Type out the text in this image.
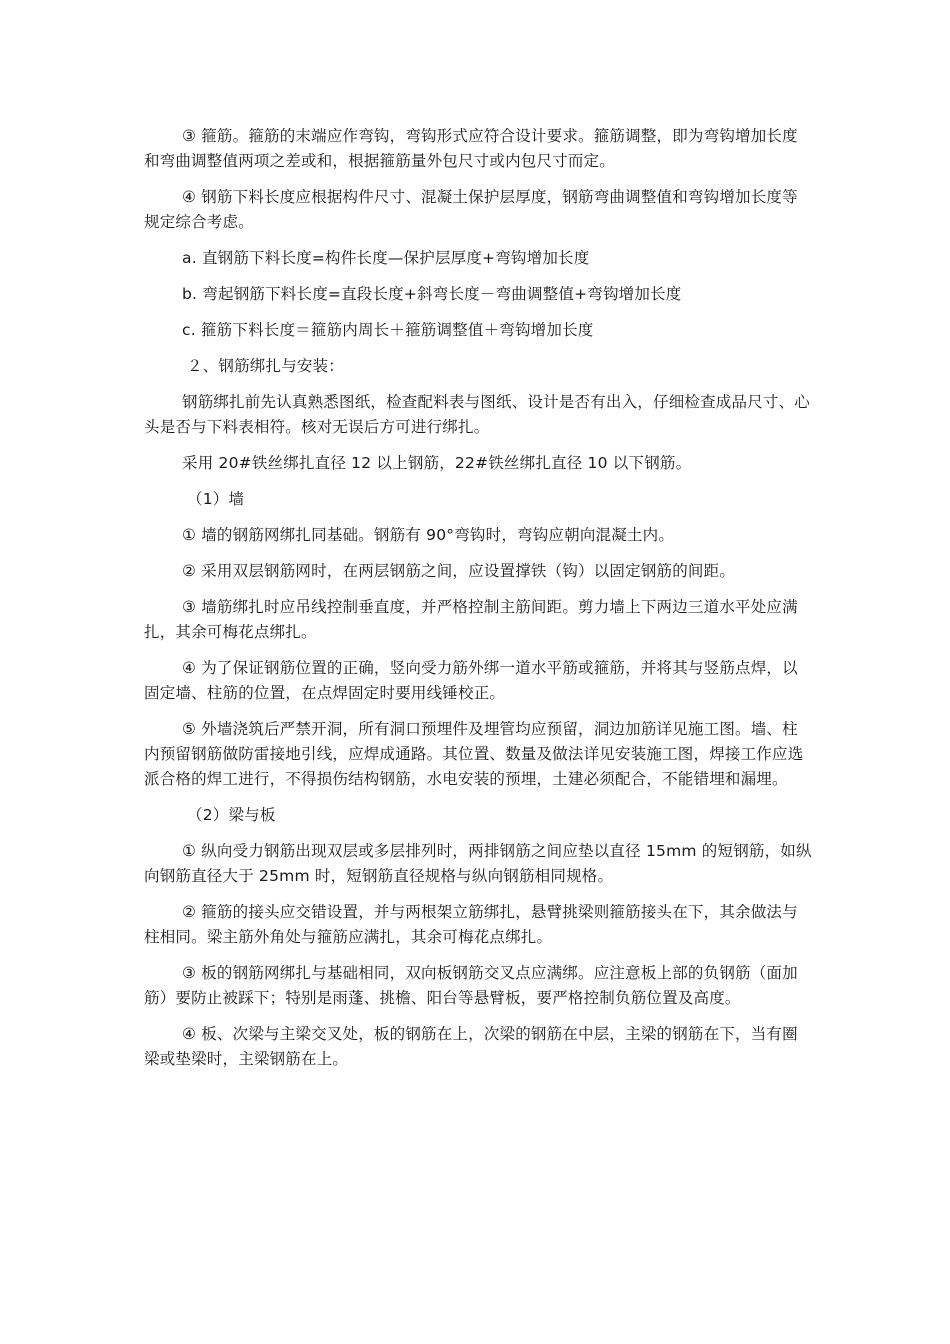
③ 箍筋。箍筋的末端应作弯钩，弯钩形式应符合设计要求。箍筋调整，即为弯钩增加长度和弯曲调整值两项之差或和，根据箍筋量外包尺寸或内包尺寸而定。

④ 钢筋下料长度应根据构件尺寸、混凝土保护层厚度，钢筋弯曲调整值和弯钩增加长度等规定综合考虑。

a. 直钢筋下料长度=构件长度—保护层厚度+弯钩增加长度

b. 弯起钢筋下料长度=直段长度+斜弯长度－弯曲调整值+弯钩增加长度

c. 箍筋下料长度＝箍筋内周长＋箍筋调整值＋弯钩增加长度

２、钢筋绑扎与安装：

钢筋绑扎前先认真熟悉图纸，检查配料表与图纸、设计是否有出入，仔细检查成品尺寸、心头是否与下料表相符。核对无误后方可进行绑扎。

采用 20#铁丝绑扎直径 12 以上钢筋，22#铁丝绑扎直径 10 以下钢筋。

（1）墙

① 墙的钢筋网绑扎同基础。钢筋有 90°弯钩时，弯钩应朝向混凝土内。

② 采用双层钢筋网时，在两层钢筋之间，应设置撑铁（钩）以固定钢筋的间距。

③ 墙筋绑扎时应吊线控制垂直度，并严格控制主筋间距。剪力墙上下两边三道水平处应满扎，其余可梅花点绑扎。

④ 为了保证钢筋位置的正确，竖向受力筋外绑一道水平筋或箍筋，并将其与竖筋点焊，以固定墙、柱筋的位置，在点焊固定时要用线锤校正。

⑤ 外墙浇筑后严禁开洞，所有洞口预埋件及埋管均应预留，洞边加筋详见施工图。墙、柱内预留钢筋做防雷接地引线，应焊成通路。其位置、数量及做法详见安装施工图，焊接工作应选派合格的焊工进行，不得损伤结构钢筋，水电安装的预埋，土建必须配合，不能错埋和漏埋。

（2）梁与板

① 纵向受力钢筋出现双层或多层排列时，两排钢筋之间应垫以直径 15mm 的短钢筋，如纵向钢筋直径大于 25mm 时，短钢筋直径规格与纵向钢筋相同规格。

② 箍筋的接头应交错设置，并与两根架立筋绑扎，悬臂挑梁则箍筋接头在下，其余做法与柱相同。梁主筋外角处与箍筋应满扎，其余可梅花点绑扎。

③ 板的钢筋网绑扎与基础相同，双向板钢筋交叉点应满绑。应注意板上部的负钢筋（面加筋）要防止被踩下；特别是雨蓬、挑檐、阳台等悬臂板，要严格控制负筋位置及高度。

④ 板、次梁与主梁交叉处，板的钢筋在上，次梁的钢筋在中层，主梁的钢筋在下，当有圈梁或垫梁时，主梁钢筋在上。
